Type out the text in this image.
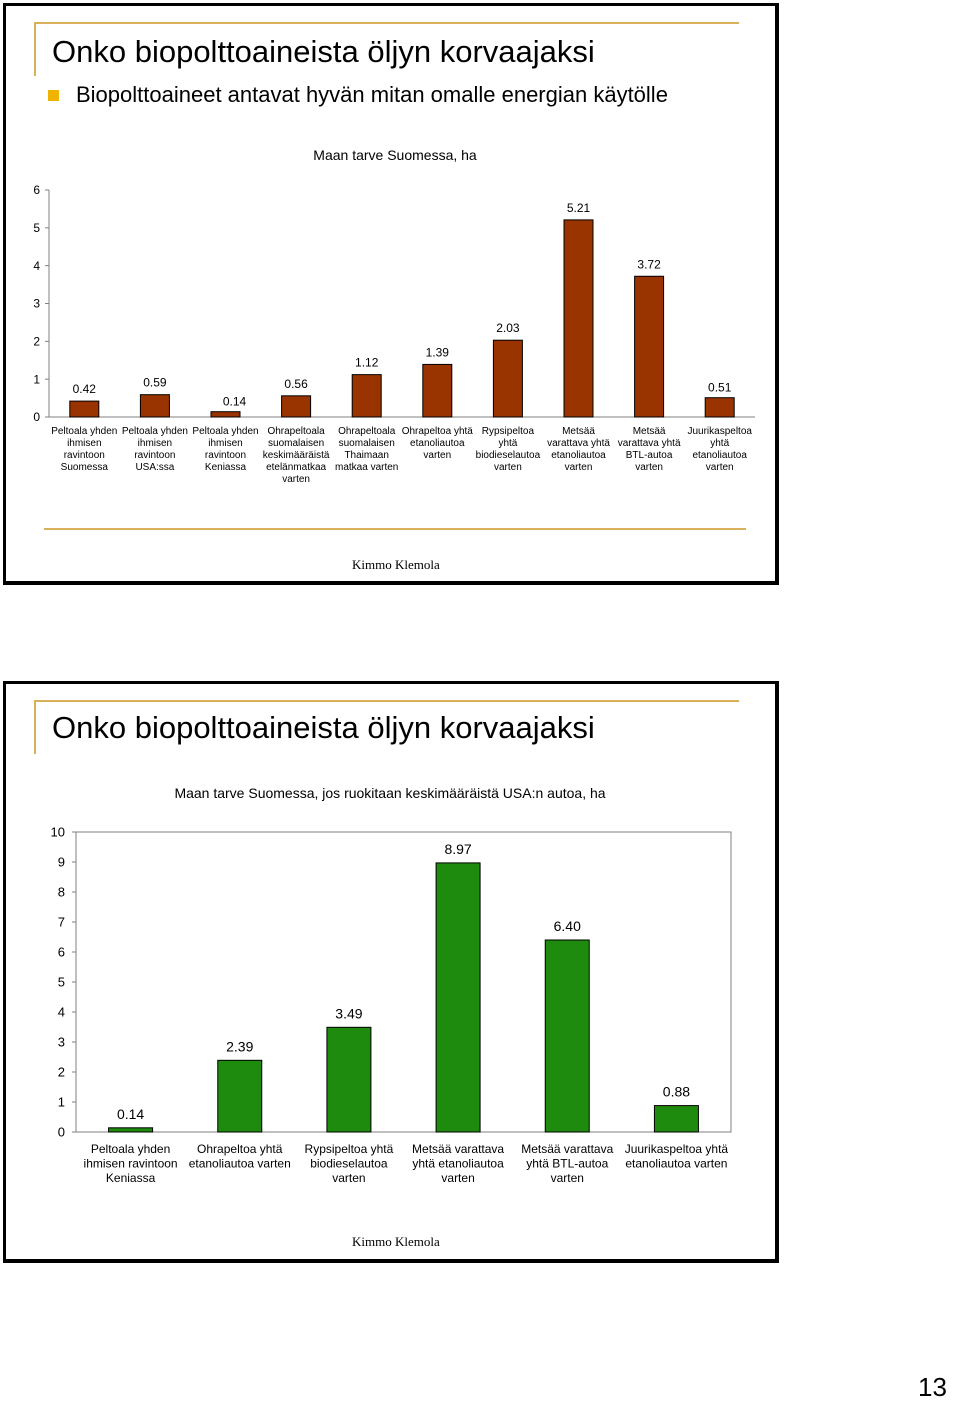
Onko biopolttoaineista öljyn korvaajaksi
Biopolttoaineet antavat hyvän mitan omalle energian käytölle
Kimmo Klemola
Onko biopolttoaineista öljyn korvaajaksi
Kimmo Klemola
Maan tarve Suomessa, ha
0
1
2
3
4
5
6
0.42
Peltoala yhden
ihmisen
ravintoon
Suomessa
0.59
Peltoala yhden
ihmisen
ravintoon
USA:ssa
0.14
Peltoala yhden
ihmisen
ravintoon
Keniassa
0.56
Ohrapeltoala
suomalaisen
keskimääräistä
etelänmatkaa
varten
1.12
Ohrapeltoala
suomalaisen
Thaimaan
matkaa varten
1.39
Ohrapeltoa yhtä
etanoliautoa
varten
2.03
Rypsipeltoa
yhtä
biodieselautoa
varten
5.21
Metsää
varattava yhtä
etanoliautoa
varten
3.72
Metsää
varattava yhtä
BTL-autoa
varten
0.51
Juurikaspeltoa
yhtä
etanoliautoa
varten
Maan tarve Suomessa, jos ruokitaan keskimääräistä USA:n autoa, ha
0
1
2
3
4
5
6
7
8
9
10
0.14
Peltoala yhden
ihmisen ravintoon
Keniassa
2.39
Ohrapeltoa yhtä
etanoliautoa varten
3.49
Rypsipeltoa yhtä
biodieselautoa
varten
8.97
Metsää varattava
yhtä etanoliautoa
varten
6.40
Metsää varattava
yhtä BTL-autoa
varten
0.88
Juurikaspeltoa yhtä
etanoliautoa varten
13
